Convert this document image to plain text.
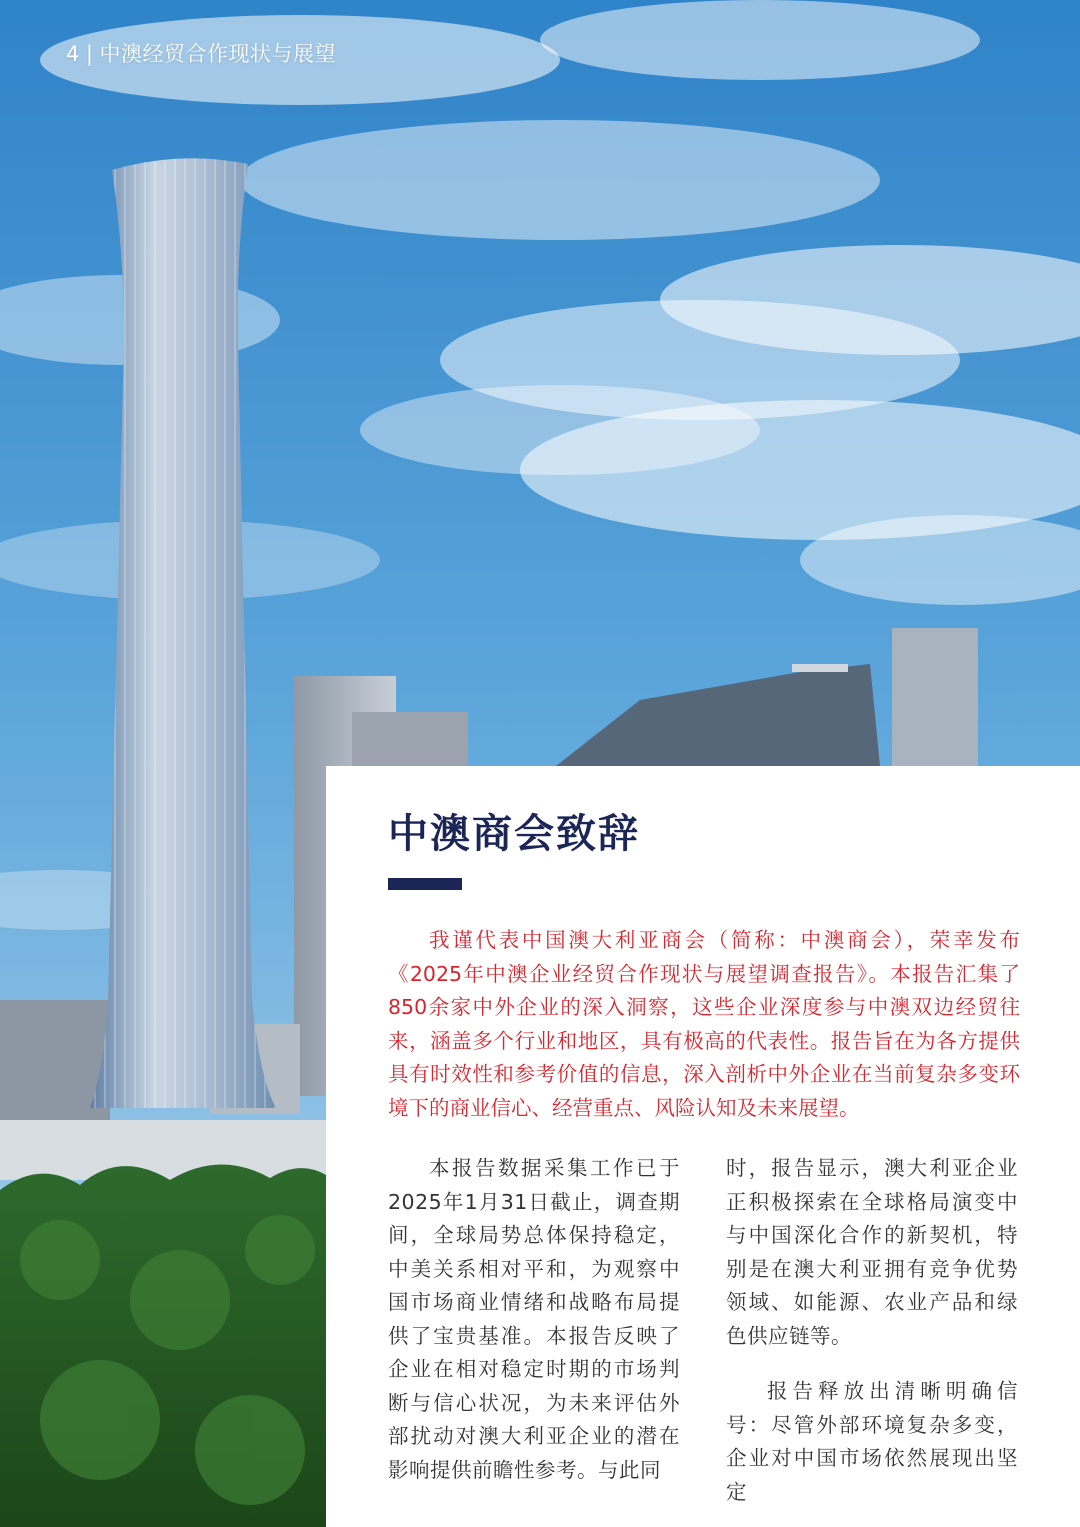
4 | 中澳经贸合作现状与展望
中澳商会致辞

我谨代表中国澳大利亚商会（简称：中澳商会），荣幸发布《2025年中澳企业经贸合作现状与展望调查报告》。本报告汇集了850余家中外企业的深入洞察，这些企业深度参与中澳双边经贸往来，涵盖多个行业和地区，具有极高的代表性。报告旨在为各方提供具有时效性和参考价值的信息，深入剖析中外企业在当前复杂多变环境下的商业信心、经营重点、风险认知及未来展望。

本报告数据采集工作已于2025年1月31日截止，调查期间，全球局势总体保持稳定，中美关系相对平和，为观察中国市场商业情绪和战略布局提供了宝贵基准。本报告反映了企业在相对稳定时期的市场判断与信心状况，为未来评估外部扰动对澳大利亚企业的潜在影响提供前瞻性参考。与此同

时，报告显示，澳大利亚企业正积极探索在全球格局演变中与中国深化合作的新契机，特别是在澳大利亚拥有竞争优势领域、如能源、农业产品和绿色供应链等。

报告释放出清晰明确信号：尽管外部环境复杂多变，企业对中国市场依然展现出坚定
